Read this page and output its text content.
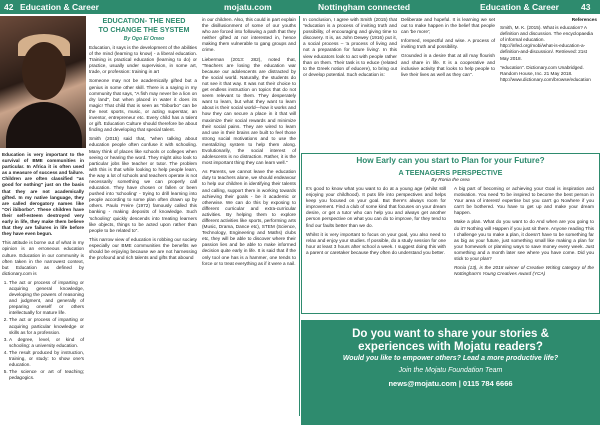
42 Education & Career	mojatu.com	Nottingham connected	Education & Career	43
EDUCATION- THE NEED
TO CHANGE THE SYSTEM
By Ogo El Onwo

Education is very important to the survival of BME communities in particular. In Africa it is often used as a measure of success and failure. Children are often classified "as good for nothing" just on the basis that they are not academically gifted. In my native language, they are called derogatory names like "Ori ibiborbo". These children have their self-esteem destroyed very early in life, they make them believe that they are failures in life before they have even begun.

This attitude is borne out of what in my opinion is an erroneous education culture. Education in our community is often taken in the narrowest context, but Education as defined by dictionary.com is

1. The act or process of imparting or acquiring general knowledge, developing the powers of reasoning and judgment, and generally of preparing oneself or others intellectually for mature life.
2. The act or process of imparting or acquiring particular knowledge or skills as for a profession.
3. A degree, level, or kind of schooling: a university education.
4. The result produced by instruction, training, or study: to show one's education.
5. The science or art of teaching; pedagogics.

Education, it says is the development of the abilities of the mind (learning to know) - a liberal education. Training is practical education (learning to do) or practice, usually under supervision, in some art, trade, or profession: training in art

Someone may not be academically gifted but a genius in some other skill. There is a saying in my community that says, "A fish may never be a lion on dry land", but when placed in water it does its magic! That child that is seen as "Ibiborbo" can be the next sports, music, or acting superstar, an inventor, entrepreneur etc. Every child has a talent or gift. Education Culture should therefore be about finding and developing that special talent.

Smith (2015) said that, "when talking about education people often confuse it with schooling. Many think of places like schools or colleges when seeing or hearing the word. They might also look to particular jobs like teacher or tutor. The problem with this is that while looking to help people learn, the way a lot of schools and teachers operate is not necessarily something we can properly call education. They have chosen or fallen or been pushed into 'schooling' - trying to drill learning into people according to some plan often drawn up by others. Paulo Freire (1972) famously called this banking - making deposits of knowledge. Such 'schooling' quickly descends into treating learners like objects, things to be acted upon rather than people to be related to".

This narrow view of education is robbing our society especially our BME communities the benefits we should be enjoying because we are not harnessing the profound and rich talents and gifts that abound

in our children. Also, this could in part explain the disillusionment of some of our youths who are forced into following a path that they neither gifted at nor interested in, hence making them vulnerable to gang groups and crime.

Lieberman (2013: 282), noted that, "Teachers are losing the education war because our adolescents are distracted by the social world. Naturally, the students do not see it that way. It was not their choice to get endless instruction on topics that do not seem relevant to them. They desperately want to learn, but what they want to learn about is their social world—how it works and how they can secure a place in it that will maximize their social rewards and minimize their social pains. They are wired to learn and use in their brains are built to feel those strong social motivations and to use the mentalizing system to help them along. Evolutionarily, the social interest of adolescents is no distraction. Rather, it is the most important thing they can learn well."

As Parents, we cannot leave the education duty to teachers alone, we should endeavour to help our children in identifying their talents and calling, support them in working towards achieving their goals - be it academic or otherwise. We can do this by exposing to different curricular and extra-curricular activities. By helping them to explore different activities like sports, performing arts (Music, Drama, Dance etc), STEM (Science, Technology, Engineering and Maths) clubs etc, they will be able to discover where their passion lies and be able to make informed decision quite early in life. It is said that if the only tool one has is a hammer, one tends to force or to treat everything as if it were a nail.

In conclusion, I agree with Smith (2015) that "education is a process of inviting truth and possibility, of encouraging and giving time to discovery. It is, as John Dewey (1916) put it, a social process – 'a process of living and not a preparation for future living'. In this view educators look to act with people rather than on them. Their task is to educe (related to the Greek notion of educere), to bring out or develop potential. Such education is:

Deliberate and hopeful. It is learning we set out to make happen in the belief that people can 'be more';

Informed, respectful and wise. A process of inviting truth and possibility.

Grounded in a desire that at all may flourish and share in life. It is a cooperative and inclusive activity that looks to help people to live their lives as well as they can".

References

Smith, M. K. (2015). What is education? A definition and discussion. The encyclopaedia of informal education. http://infed.org/mobi/what-is-education-a-definition-and-discussion/. Retrieved: 21st May 2018.

"education". Dictionary.com Unabridged. Random House, Inc. 21 May 2018. http://www.dictionary.com/browse/education

How Early can you start to Plan for your Future?
A TEENAGERS PERSPECTIVE
By Ronia Ihe orea

It's good to know what you want to do at a young age (whilst still enjoying your childhood). It puts life into perspectives and helps keep you focused on your goal. But there's always room for improvement. Find a club of some kind that focuses on your dream desire, or get a tutor who can help you and always get another person perspective on what you can do to improve, for they tend to find our faults better than we do.

Whilst it is very important to focus on your goal, you also need to relax and enjoy your studies. If possible, do a study session for one hour at least 3 hours after school a week. I suggest doing this with a parent or caretaker because they often do understand you better.

A big part of becoming or achieving your Goal is inspiration and motivation. You need To be inspired to become the best person in Your area of interest/ expertise but you can't go Nowhere if you can't be bothered. You have to get up and make your dream happen.

Make a plan. What do you want to do And when are you going to do it? Nothing will Happen if you just sit there. Anyone reading This I challenge you to make a plan, it doesn't have to be something far as big as your future, just something small like making a plan for your homework or planning ways to save money every week. Just something and a month later see where you have come. Did you stick to your plan?

Ronia (13), is the 2018 winner of Creative Writing category of the Nottingham's Young Creatives Award (YCA)

Do you want to share your stories &
experiences with Mojatu readers?
Would you like to empower others? Lead a more productive life?
Join the Mojatu Foundation Team
news@mojatu.com | 0115 784 6666
